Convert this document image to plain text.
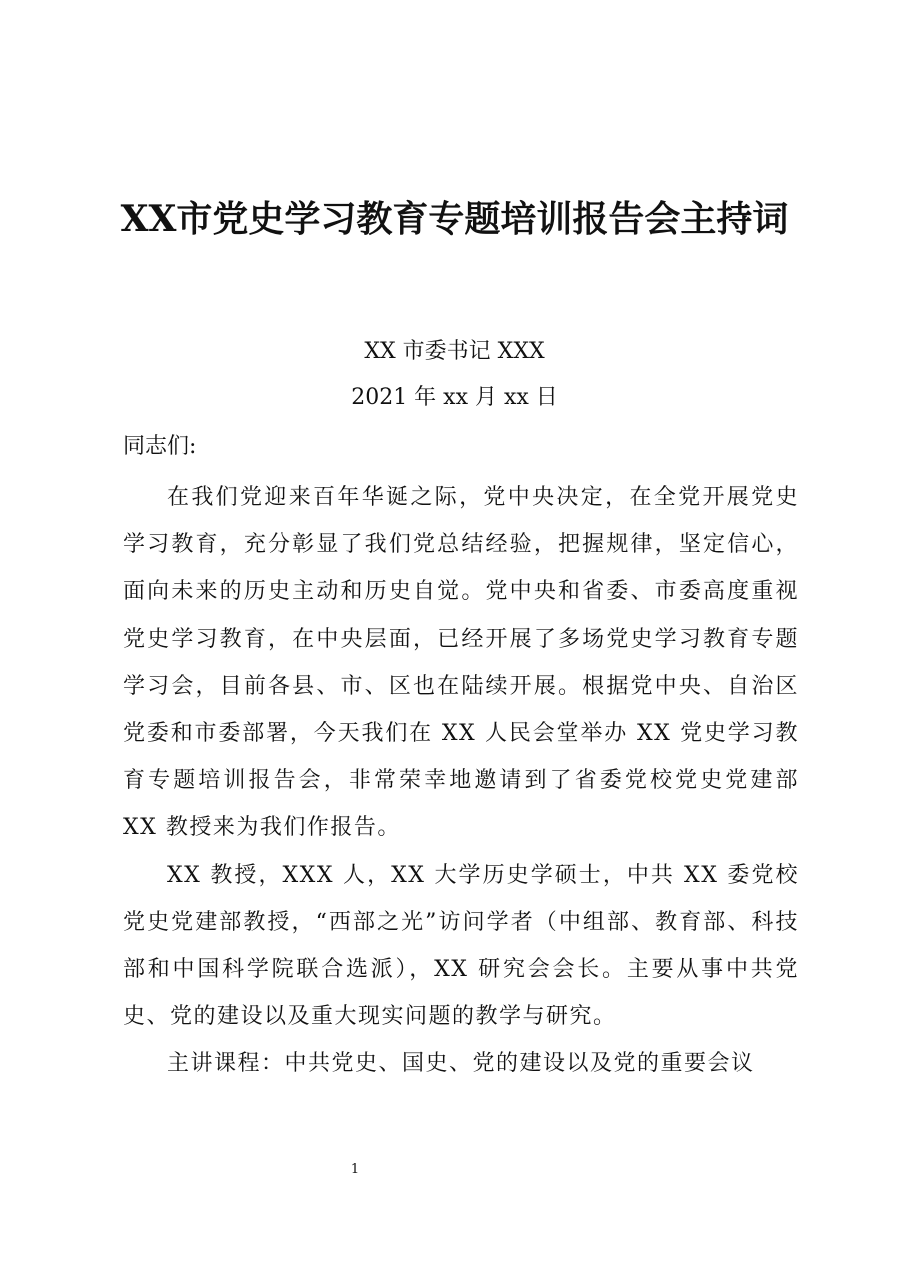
XX市党史学习教育专题培训报告会主持词
XX 市委书记 XXX
2021 年 xx 月 xx 日
同志们:

在我们党迎来百年华诞之际，党中央决定，在全党开展党史学习教育，充分彰显了我们党总结经验，把握规律，坚定信心，面向未来的历史主动和历史自觉。党中央和省委、市委高度重视党史学习教育，在中央层面，已经开展了多场党史学习教育专题学习会，目前各县、市、区也在陆续开展。根据党中央、自治区党委和市委部署，今天我们在 XX 人民会堂举办 XX 党史学习教育专题培训报告会，非常荣幸地邀请到了省委党校党史党建部 XX 教授来为我们作报告。

XX 教授，XXX 人，XX 大学历史学硕士，中共 XX 委党校党史党建部教授，“西部之光”访问学者（中组部、教育部、科技部和中国科学院联合选派），XX 研究会会长。主要从事中共党史、党的建设以及重大现实问题的教学与研究。

主讲课程：中共党史、国史、党的建设以及党的重要会议

1
